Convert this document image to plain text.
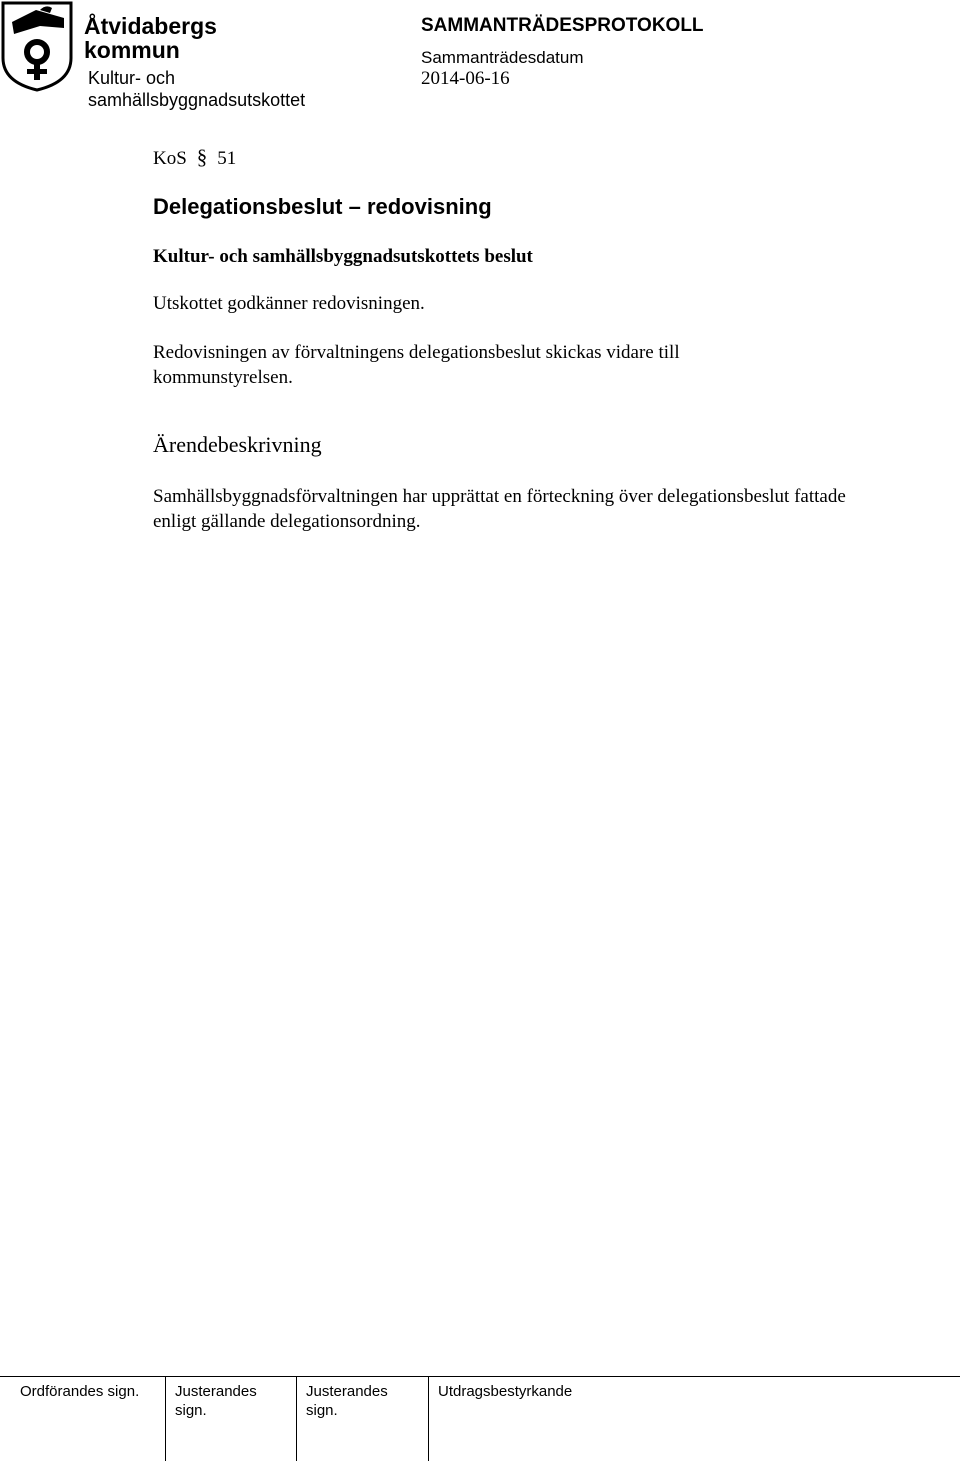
Åtvidabergs
kommun
Kultur- och
samhällsbyggnadsutskottet
SAMMANTRÄDESPROTOKOLL
Sammanträdesdatum
2014-06-16
KoS § 51
Delegationsbeslut – redovisning
Kultur- och samhällsbyggnadsutskottets beslut
Utskottet godkänner redovisningen.
Redovisningen av förvaltningens delegationsbeslut skickas vidare till kommunstyrelsen.
Ärendebeskrivning
Samhällsbyggnadsförvaltningen har upprättat en förteckning över delegationsbeslut fattade enligt gällande delegationsordning.
Ordförandes sign. Justerandes
sign.
Justerandes
sign.
Utdragsbestyrkande
